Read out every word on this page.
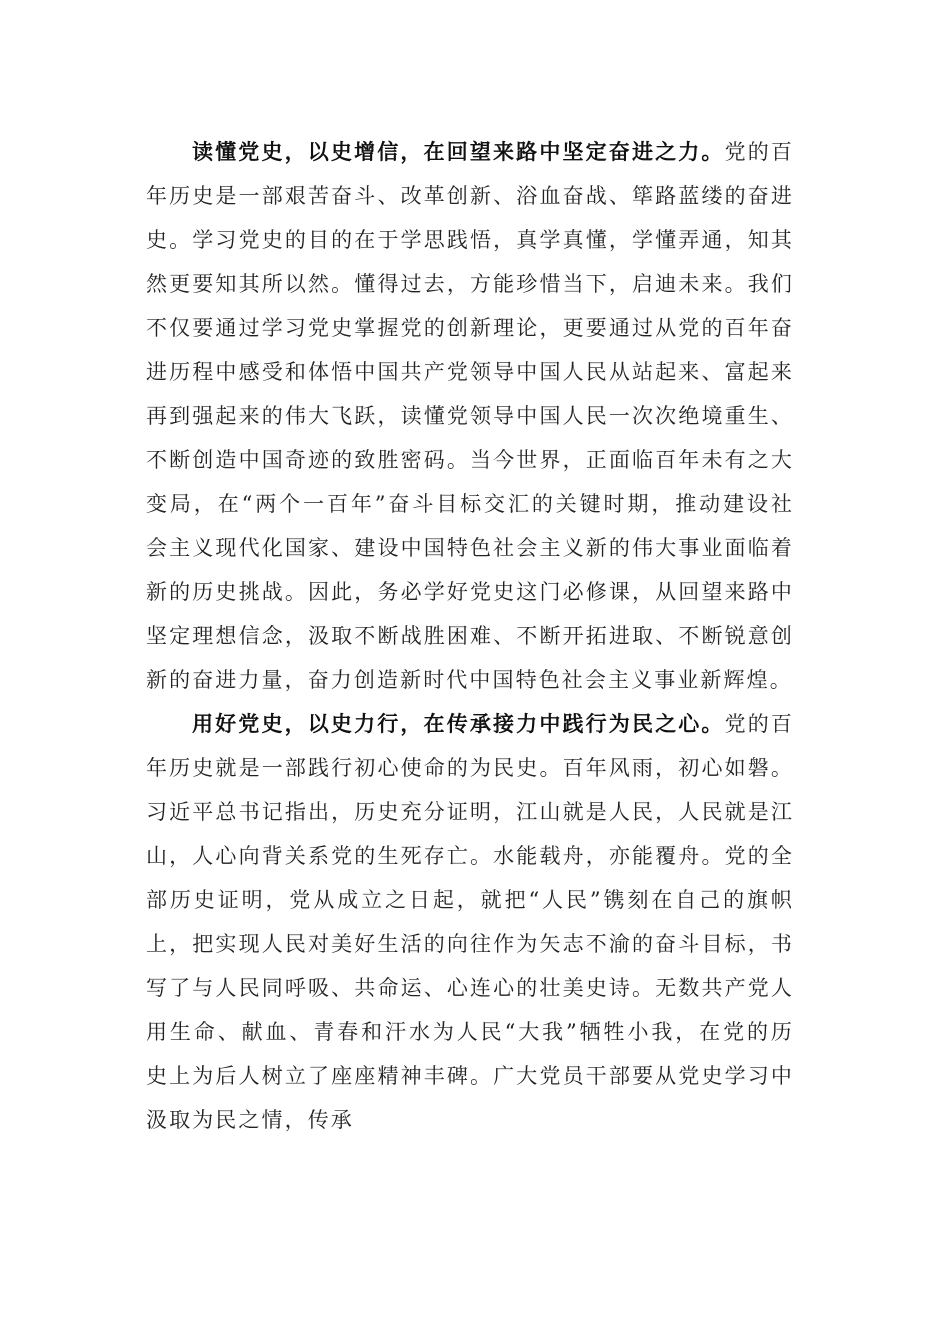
读懂党史，以史增信，在回望来路中坚定奋进之力。党的百年历史是一部艰苦奋斗、改革创新、浴血奋战、筚路蓝缕的奋进史。学习党史的目的在于学思践悟，真学真懂，学懂弄通，知其然更要知其所以然。懂得过去，方能珍惜当下，启迪未来。我们不仅要通过学习党史掌握党的创新理论，更要通过从党的百年奋进历程中感受和体悟中国共产党领导中国人民从站起来、富起来再到强起来的伟大飞跃，读懂党领导中国人民一次次绝境重生、不断创造中国奇迹的致胜密码。当今世界，正面临百年未有之大变局，在“两个一百年”奋斗目标交汇的关键时期，推动建设社会主义现代化国家、建设中国特色社会主义新的伟大事业面临着新的历史挑战。因此，务必学好党史这门必修课，从回望来路中坚定理想信念，汲取不断战胜困难、不断开拓进取、不断锐意创新的奋进力量，奋力创造新时代中国特色社会主义事业新辉煌。

用好党史，以史力行，在传承接力中践行为民之心。党的百年历史就是一部践行初心使命的为民史。百年风雨，初心如磐。习近平总书记指出，历史充分证明，江山就是人民，人民就是江山，人心向背关系党的生死存亡。水能载舟，亦能覆舟。党的全部历史证明，党从成立之日起，就把“人民”镌刻在自己的旗帜上，把实现人民对美好生活的向往作为矢志不渝的奋斗目标，书写了与人民同呼吸、共命运、心连心的壮美史诗。无数共产党人用生命、献血、青春和汗水为人民“大我”牺牲小我，在党的历史上为后人树立了座座精神丰碑。广大党员干部要从党史学习中汲取为民之情，传承
